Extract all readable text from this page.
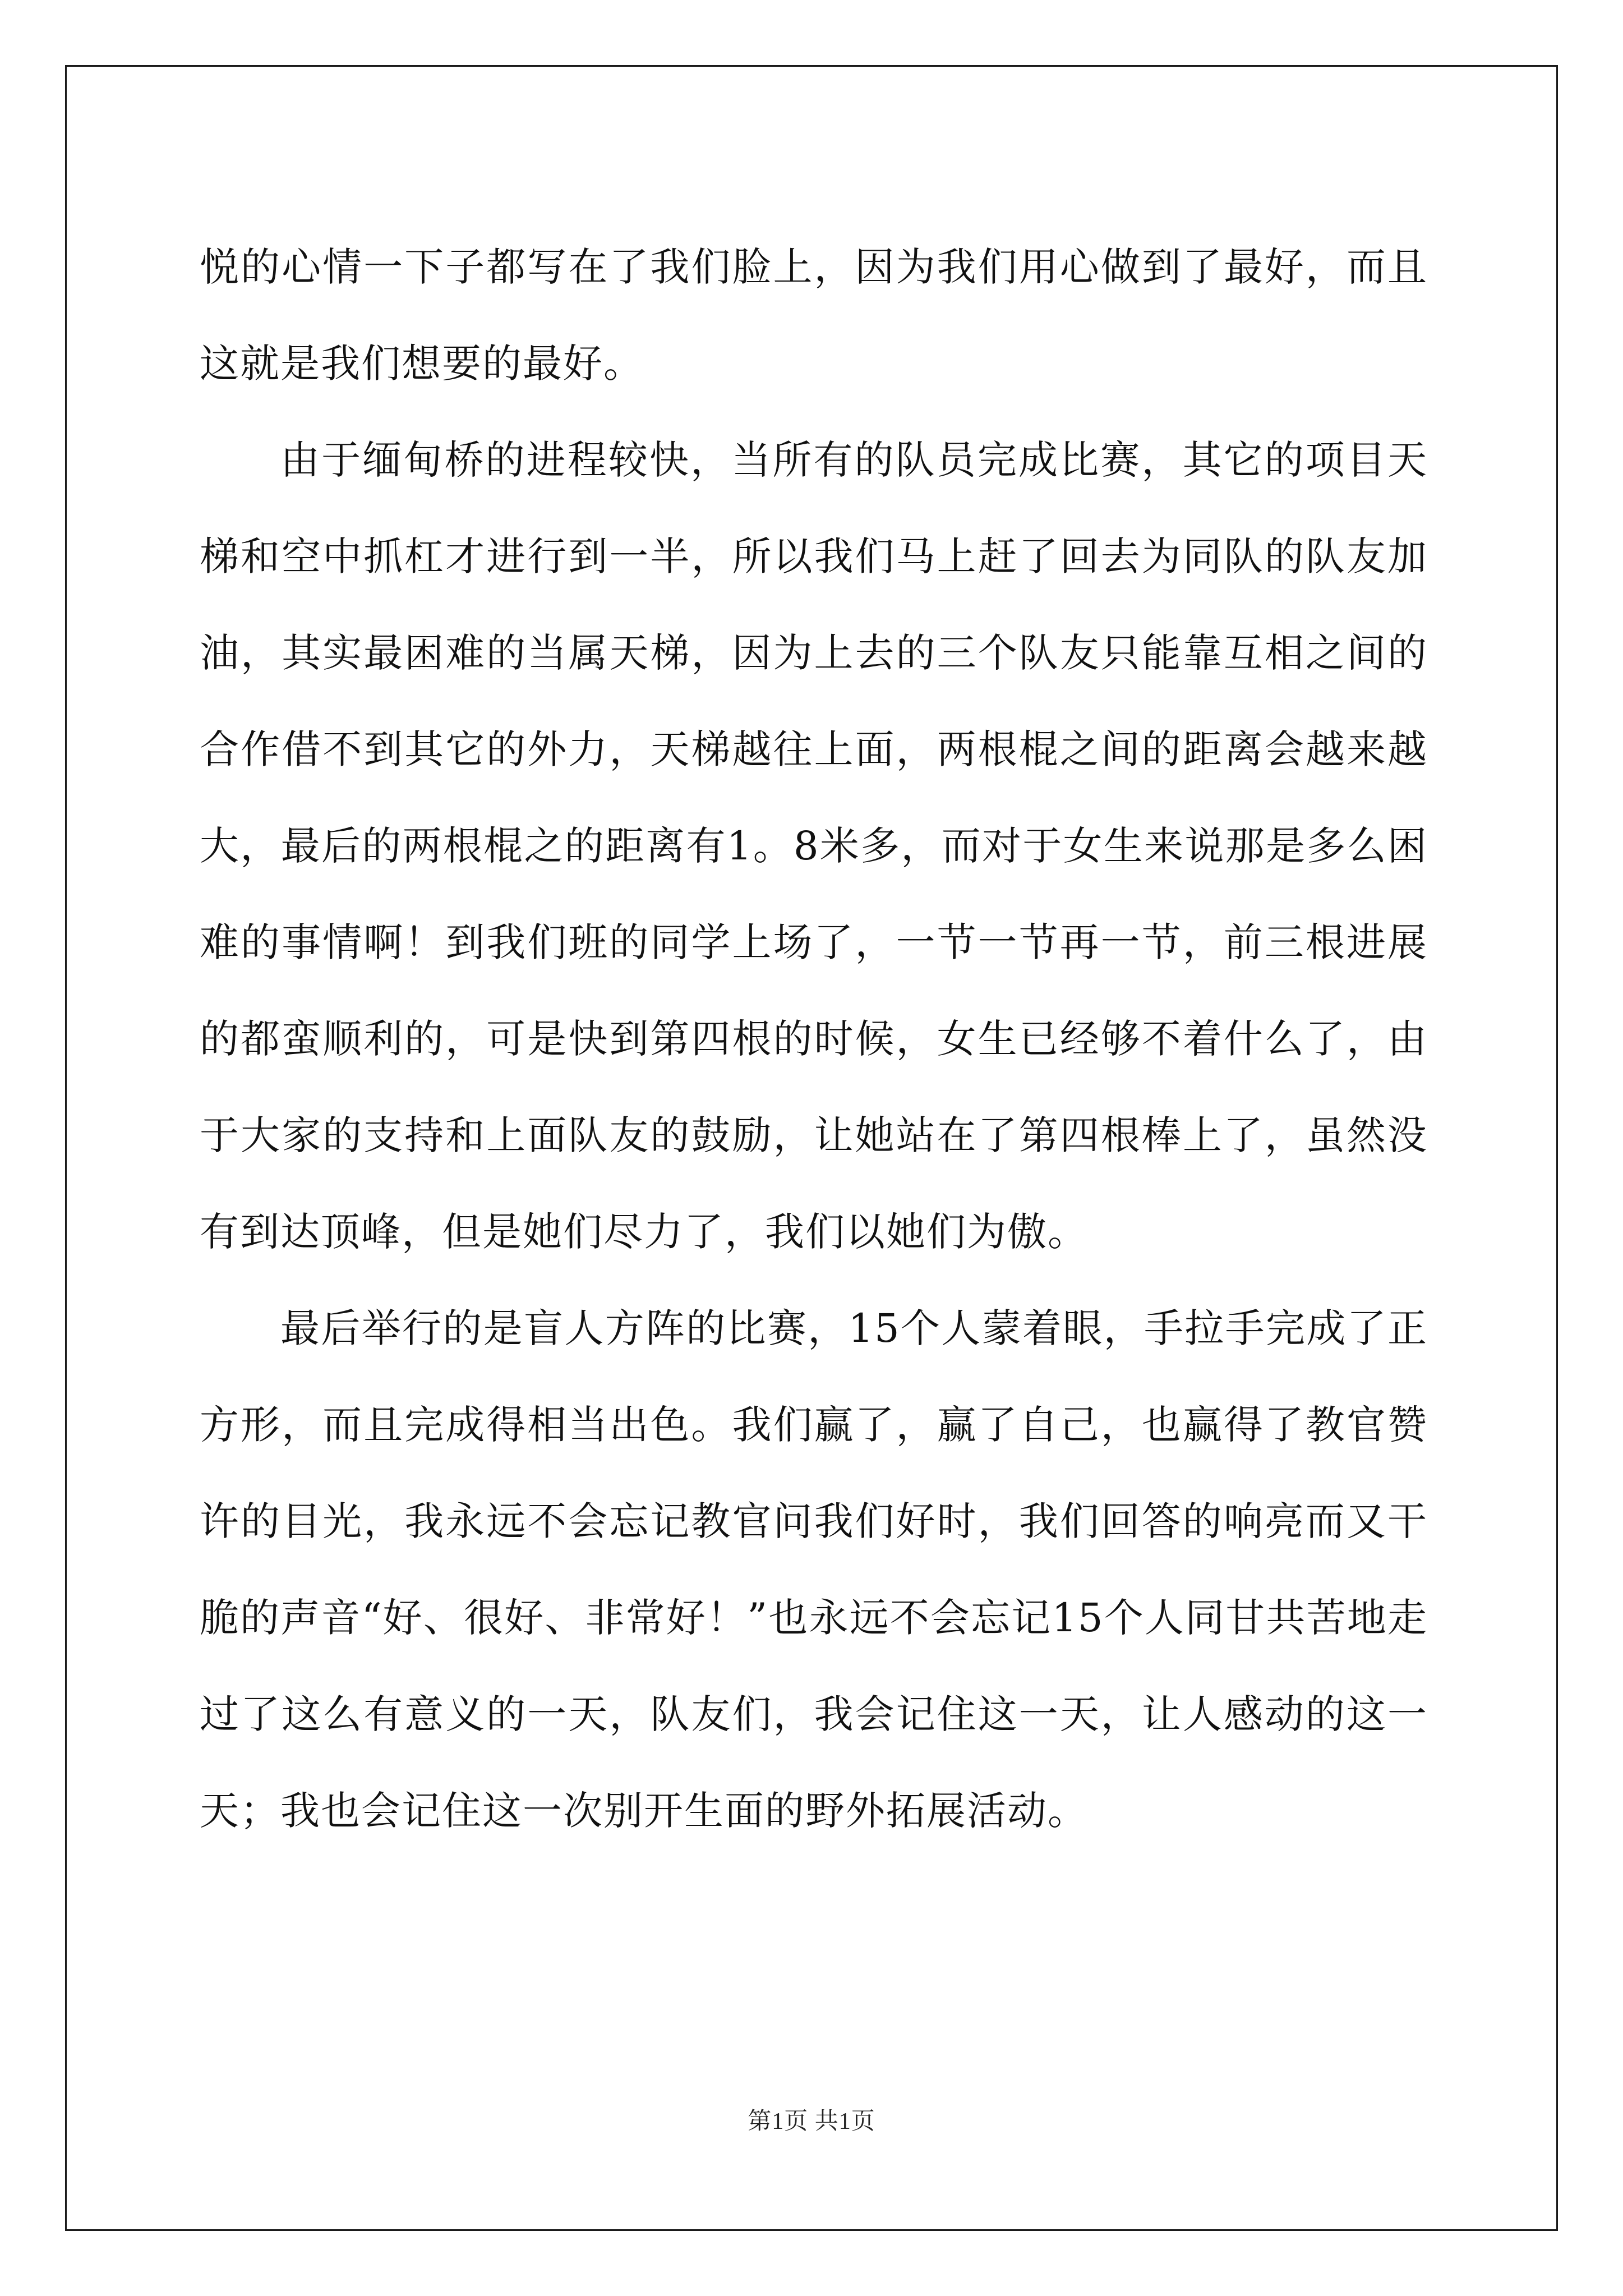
悦的心情一下子都写在了我们脸上，因为我们用心做到了最好，而且这就是我们想要的最好。

由于缅甸桥的进程较快，当所有的队员完成比赛，其它的项目天梯和空中抓杠才进行到一半，所以我们马上赶了回去为同队的队友加油，其实最困难的当属天梯，因为上去的三个队友只能靠互相之间的合作借不到其它的外力，天梯越往上面，两根棍之间的距离会越来越大，最后的两根棍之的距离有1。8米多，而对于女生来说那是多么困难的事情啊！到我们班的同学上场了，一节一节再一节，前三根进展的都蛮顺利的，可是快到第四根的时候，女生已经够不着什么了，由于大家的支持和上面队友的鼓励，让她站在了第四根棒上了，虽然没有到达顶峰，但是她们尽力了，我们以她们为傲。

最后举行的是盲人方阵的比赛，15个人蒙着眼，手拉手完成了正方形，而且完成得相当出色。我们赢了，赢了自己，也赢得了教官赞许的目光，我永远不会忘记教官问我们好时，我们回答的响亮而又干脆的声音“好、很好、非常好！”也永远不会忘记15个人同甘共苦地走过了这么有意义的一天，队友们，我会记住这一天，让人感动的这一天；我也会记住这一次别开生面的野外拓展活动。

第1页 共1页
